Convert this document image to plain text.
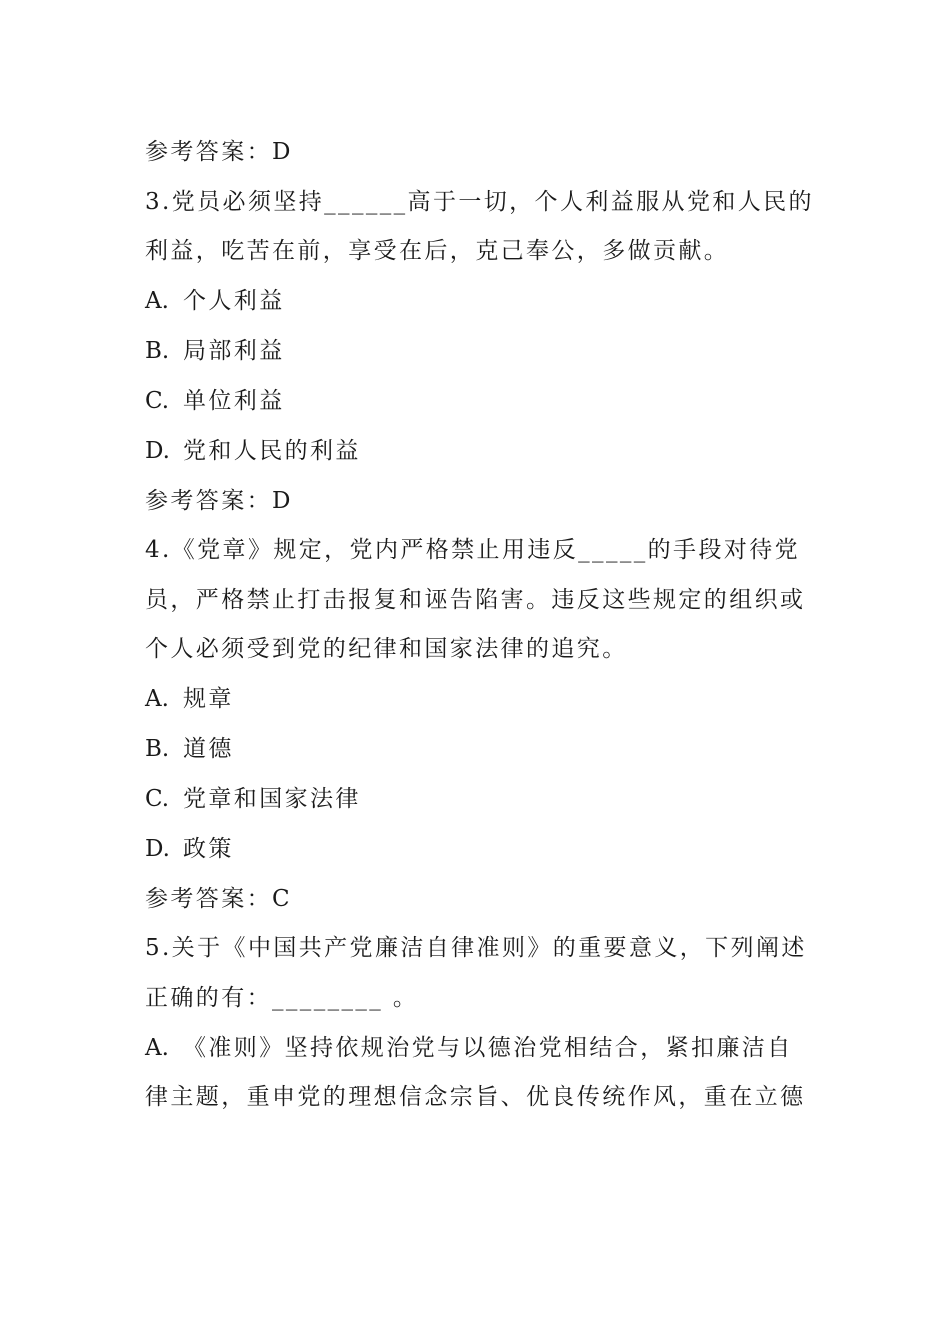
参考答案：D
3.党员必须坚持______高于一切，个人利益服从党和人民的
利益，吃苦在前，享受在后，克己奉公，多做贡献。
A. 个人利益
B. 局部利益
C. 单位利益
D. 党和人民的利益
参考答案：D
4.《党章》规定，党内严格禁止用违反_____的手段对待党
员，严格禁止打击报复和诬告陷害。违反这些规定的组织或
个人必须受到党的纪律和国家法律的追究。
A. 规章
B. 道德
C. 党章和国家法律
D. 政策
参考答案：C
5.关于《中国共产党廉洁自律准则》的重要意义，下列阐述
正确的有：________ 。
A. 《准则》坚持依规治党与以德治党相结合，紧扣廉洁自
律主题，重申党的理想信念宗旨、优良传统作风，重在立德
